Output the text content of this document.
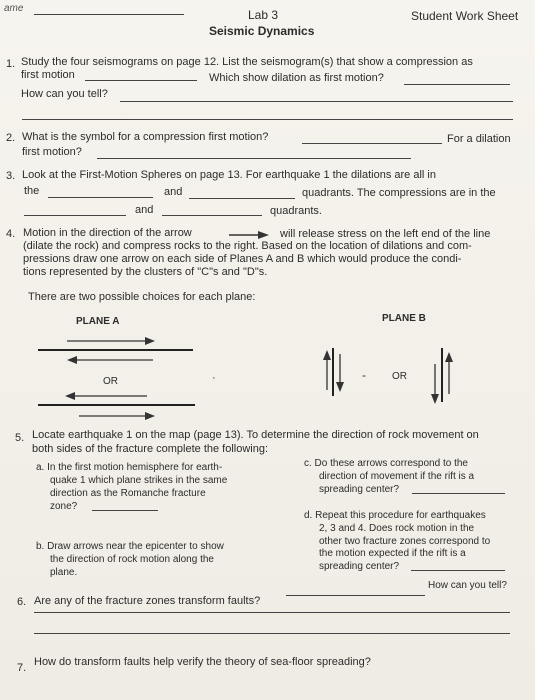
ame	Lab 3
Seismic Dynamics
Student Work Sheet
1. Study the four seismograms on page 12. List the seismogram(s) that show a compression as
first motion	Which show dilation as first motion?
How can you tell?
2. What is the symbol for a compression first motion?	For a dilation
first motion?
3. Look at the First-Motion Spheres on page 13. For earthquake 1 the dilations are all in
the	and	quadrants. The compressions are in the
and	quadrants.
4. Motion in the direction of the arrow	will release stress on the left end of the line
(dilate the rock) and compress rocks to the right. Based on the location of dilations and com-
pressions draw one arrow on each side of Planes A and B which would produce the condi-
tions represented by the clusters of "C"s and "D"s.
There are two possible choices for each plane:
PLANE A	PLANE B
OR	·	-	OR
5. Locate earthquake 1 on the map (page 13). To determine the direction of rock movement on
both sides of the fracture complete the following:
a. In the first motion hemisphere for earth-
quake 1 which plane strikes in the same
direction as the Romanche fracture
zone?
b. Draw arrows near the epicenter to show
the direction of rock motion along the
plane.
c. Do these arrows correspond to the
direction of movement if the rift is a
spreading center?
d. Repeat this procedure for earthquakes
2, 3 and 4. Does rock motion in the
other two fracture zones correspond to
the motion expected if the rift is a
spreading center?
6. Are any of the fracture zones transform faults?
How can you tell?
7. How do transform faults help verify the theory of sea-floor spreading?
